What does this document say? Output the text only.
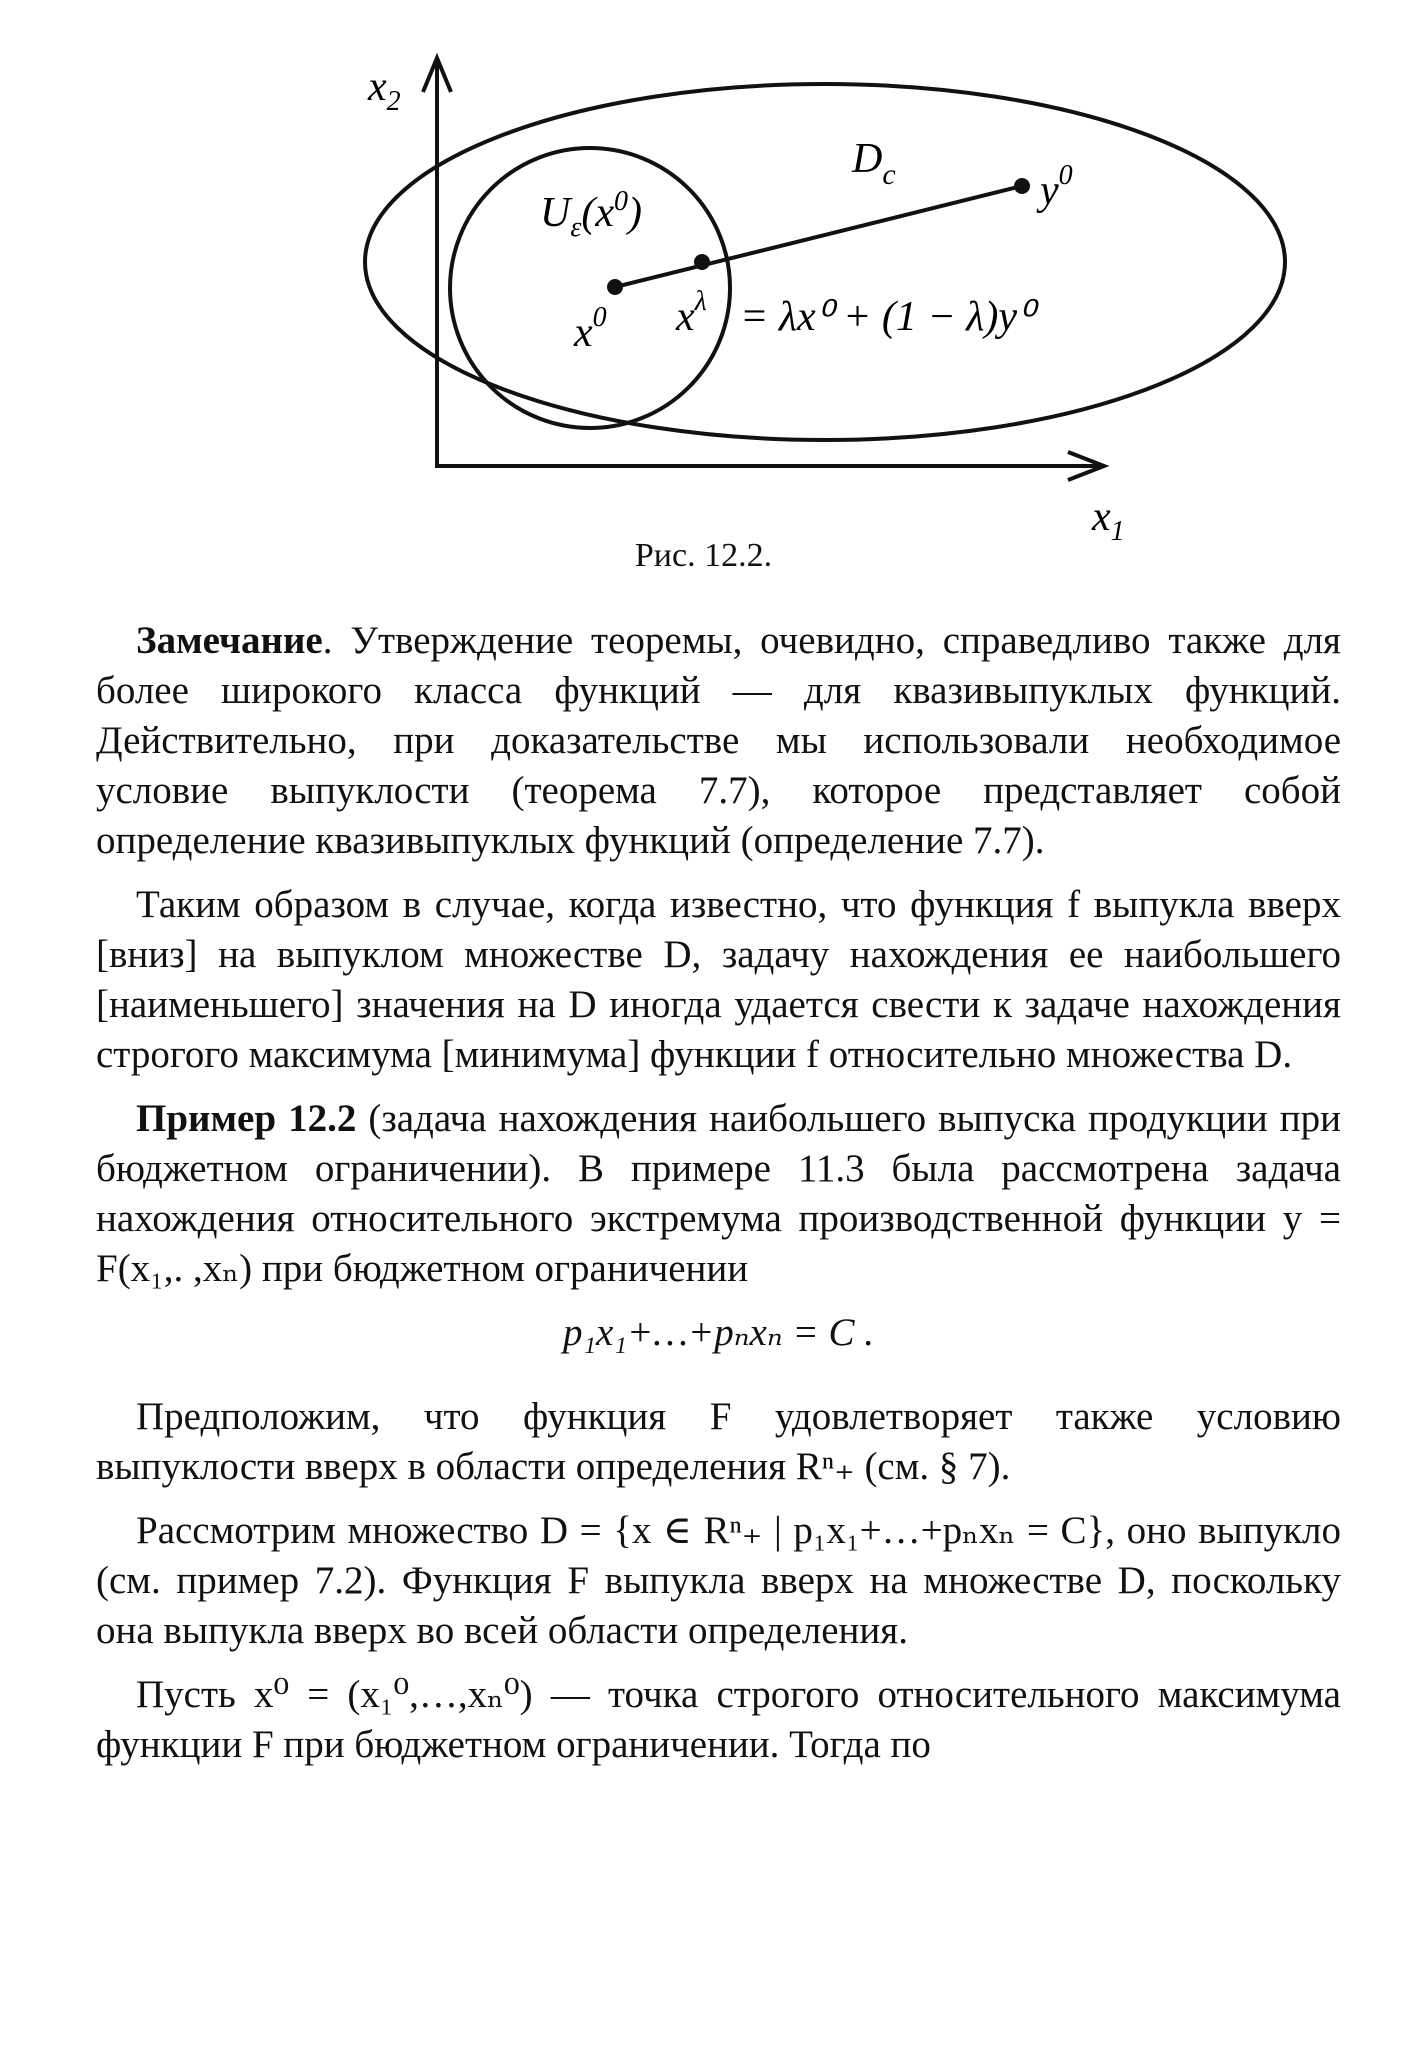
$x_2$
$x_1$
$D_c$
$U_\varepsilon(x^0)$	$y^0$
$x^0$ $x^\lambda = \lambda x^0 + (1 - \lambda)y^0$
Рис. 12.2.

Замечание. Утверждение теоремы, очевидно, справедливо также для более широкого класса функций — для квазивыпуклых функций. Действительно, при доказательстве мы использовали необходимое условие выпуклости (теорема 7.7), которое представляет собой определение квазивыпуклых функций (определение 7.7).

Таким образом в случае, когда известно, что функция f выпукла вверх [вниз] на выпуклом множестве D, задачу нахождения ее наибольшего [наименьшего] значения на D иногда удается свести к задаче нахождения строгого максимума [минимума] функции f относительно множества D.

Пример 12.2 (задача нахождения наибольшего выпуска продукции при бюджетном ограничении). В примере 11.3 была рассмотрена задача нахождения относительного экстремума производственной функции y = F(x₁,. ,xₙ) при бюджетном ограничении

p₁x₁+…+pₙxₙ = C .

Предположим, что функция F удовлетворяет также условию выпуклости вверх в области определения Rⁿ₊ (см. § 7).

Рассмотрим множество D = {x ∈ Rⁿ₊ | p₁x₁+…+pₙxₙ = C}, оно выпукло (см. пример 7.2). Функция F выпукла вверх на множестве D, поскольку она выпукла вверх во всей области определения.

Пусть x⁰ = (x₁⁰,…,xₙ⁰) — точка строгого относительного максимума функции F при бюджетном ограничении. Тогда по
